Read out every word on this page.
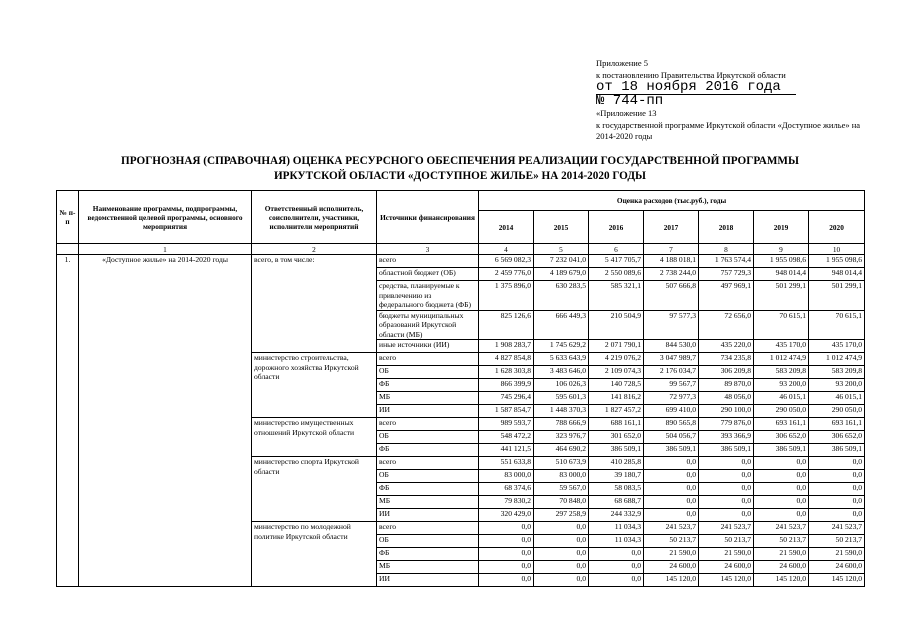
Приложение 5
к постановлению Правительства Иркутской области
от 18 ноября 2016 года
№ 744-пп
«Приложение 13
к государственной программе Иркутской области «Доступное жилье» на 2014-2020 годы
ПРОГНОЗНАЯ (СПРАВОЧНАЯ) ОЦЕНКА РЕСУРСНОГО ОБЕСПЕЧЕНИЯ РЕАЛИЗАЦИИ ГОСУДАРСТВЕННОЙ ПРОГРАММЫ
ИРКУТСКОЙ ОБЛАСТИ «ДОСТУПНОЕ ЖИЛЬЕ» НА 2014-2020 ГОДЫ
№ п-п	Наименование программы, подпрограммы, ведомственной целевой программы, основного мероприятия	Ответственный исполнитель, соисполнители, участники, исполнители мероприятий	Источники финансирования	Оценка расходов (тыс.руб.), годы						
				2014	2015	2016	2017	2018	2019	2020
	1	2	3	4	5	6	7	8	9	10
1.	«Доступное жилье» на 2014-2020 годы	всего, в том числе:	всего	6 569 082,3	7 232 041,0	5 417 705,7	4 188 018,1	1 763 574,4	1 955 098,6	1 955 098,6
			областной бюджет (ОБ)	2 459 776,0	4 189 679,0	2 550 089,6	2 738 244,0	757 729,3	948 014,4	948 014,4
			средства, планируемые к привлечению из федерального бюджета (ФБ)	1 375 896,0	630 283,5	585 321,1	507 666,8	497 969,1	501 299,1	501 299,1
			бюджеты муниципальных образований Иркутской области (МБ)	825 126,6	666 449,3	210 504,9	97 577,3	72 656,0	70 615,1	70 615,1
			иные источники (ИИ)	1 908 283,7	1 745 629,2	2 071 790,1	844 530,0	435 220,0	435 170,0	435 170,0
		министерство строительства, дорожного хозяйства Иркутской области	всего	4 827 854,8	5 633 643,9	4 219 076,2	3 047 989,7	734 235,8	1 012 474,9	1 012 474,9
			ОБ	1 628 303,8	3 483 646,0	2 109 074,3	2 176 034,7	306 209,8	583 209,8	583 209,8
			ФБ	866 399,9	106 026,3	140 728,5	99 567,7	89 870,0	93 200,0	93 200,0
			МБ	745 296,4	595 601,3	141 816,2	72 977,3	48 056,0	46 015,1	46 015,1
			ИИ	1 587 854,7	1 448 370,3	1 827 457,2	699 410,0	290 100,0	290 050,0	290 050,0
		министерство имущественных отношений Иркутской области	всего	989 593,7	788 666,9	688 161,1	890 565,8	779 876,0	693 161,1	693 161,1
			ОБ	548 472,2	323 976,7	301 652,0	504 056,7	393 366,9	306 652,0	306 652,0
			ФБ	441 121,5	464 690,2	386 509,1	386 509,1	386 509,1	386 509,1	386 509,1
		министерство спорта Иркутской области	всего	551 633,8	510 673,9	410 285,8	0,0	0,0	0,0	0,0
			ОБ	83 000,0	83 000,0	39 180,7	0,0	0,0	0,0	0,0
			ФБ	68 374,6	59 567,0	58 083,5	0,0	0,0	0,0	0,0
			МБ	79 830,2	70 848,0	68 688,7	0,0	0,0	0,0	0,0
			ИИ	320 429,0	297 258,9	244 332,9	0,0	0,0	0,0	0,0
		министерство по молодежной политике Иркутской области	всего	0,0	0,0	11 034,3	241 523,7	241 523,7	241 523,7	241 523,7
			ОБ	0,0	0,0	11 034,3	50 213,7	50 213,7	50 213,7	50 213,7
			ФБ	0,0	0,0	0,0	21 590,0	21 590,0	21 590,0	21 590,0
			МБ	0,0	0,0	0,0	24 600,0	24 600,0	24 600,0	24 600,0
			ИИ	0,0	0,0	0,0	145 120,0	145 120,0	145 120,0	145 120,0
